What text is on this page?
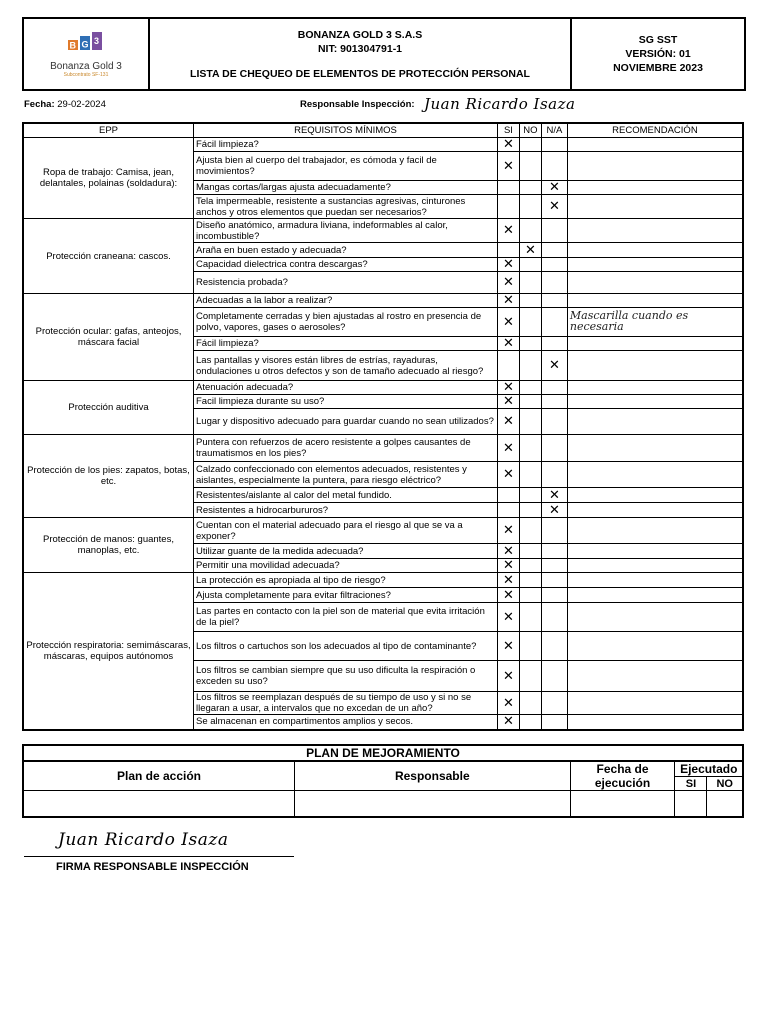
B G 3
Bonanza Gold 3
Subcontrato SF-131

BONANZA GOLD 3 S.A.S
NIT: 901304791-1
LISTA DE CHEQUEO DE ELEMENTOS DE PROTECCIÓN PERSONAL

SG SST
VERSIÓN: 01
NOVIEMBRE 2023
Fecha: 29-02-2024	Responsable Inspección: Juan Ricardo Isaza
EPP	REQUISITOS MÍNIMOS	SI	NO	N/A	RECOMENDACIÓN
Ropa de trabajo: Camisa, jean, delantales, polainas (soldadura):	Fácil limpieza?	✕			
	Ajusta bien al cuerpo del trabajador, es cómoda y facil de movimientos?	✕			
	Mangas cortas/largas ajusta adecuadamente?			✕	
	Tela impermeable, resistente a sustancias agresivas, cinturones anchos y otros elementos que puedan ser necesarios?			✕	
Protección craneana: cascos.	Diseño anatómico, armadura liviana, indeformables al calor, incombustible?	✕			
	Araña en buen estado y adecuada?		✕		
	Capacidad dielectrica contra descargas?	✕			
	Resistencia probada?	✕			
Protección ocular: gafas, anteojos, máscara facial	Adecuadas a la labor a realizar?	✕			
	Completamente cerradas y bien ajustadas al rostro en presencia de polvo, vapores, gases o aerosoles?	✕			Mascarilla cuando es necesaria
	Fácil limpieza?	✕			
	Las pantallas y visores están libres de estrías, rayaduras, ondulaciones u otros defectos y son de tamaño adecuado al riesgo?			✕	
Protección auditiva	Atenuación adecuada?	✕			
	Facil limpieza durante su uso?	✕			
	Lugar y dispositivo adecuado para guardar cuando no sean utilizados?	✕			
Protección de los pies: zapatos, botas, etc.	Puntera con refuerzos de acero resistente a golpes causantes de traumatismos en los pies?	✕			
	Calzado confeccionado con elementos adecuados, resistentes y aislantes, especialmente la puntera, para riesgo eléctrico?	✕			
	Resistentes/aislante al calor del metal fundido.			✕	
	Resistentes a hidrocarbururos?			✕	
Protección de manos: guantes, manoplas, etc.	Cuentan con el material adecuado para el riesgo al que se va a exponer?	✕			
	Utilizar guante de la medida adecuada?	✕			
	Permitir una movilidad adecuada?	✕			
Protección respiratoria: semimáscaras, máscaras, equipos autónomos	La protección es apropiada al tipo de riesgo?	✕			
	Ajusta completamente para evitar filtraciones?	✕			
	Las partes en contacto con la piel son de material que evita irritación de la piel?	✕			
	Los filtros o cartuchos son los adecuados al tipo de contaminante?	✕			
	Los filtros se cambian siempre que su uso dificulta la respiración o exceden su uso?	✕			
	Los filtros se reemplazan después de su tiempo de uso y si no se llegaran a usar, a intervalos que no excedan de un año?	✕			
	Se almacenan en compartimentos amplios y secos.	✕			
PLAN DE MEJORAMIENTO				
Plan de acción	Responsable	Fecha de ejecución	Ejecutado	
			SI	NO

Juan Ricardo Isaza
FIRMA RESPONSABLE INSPECCIÓN
